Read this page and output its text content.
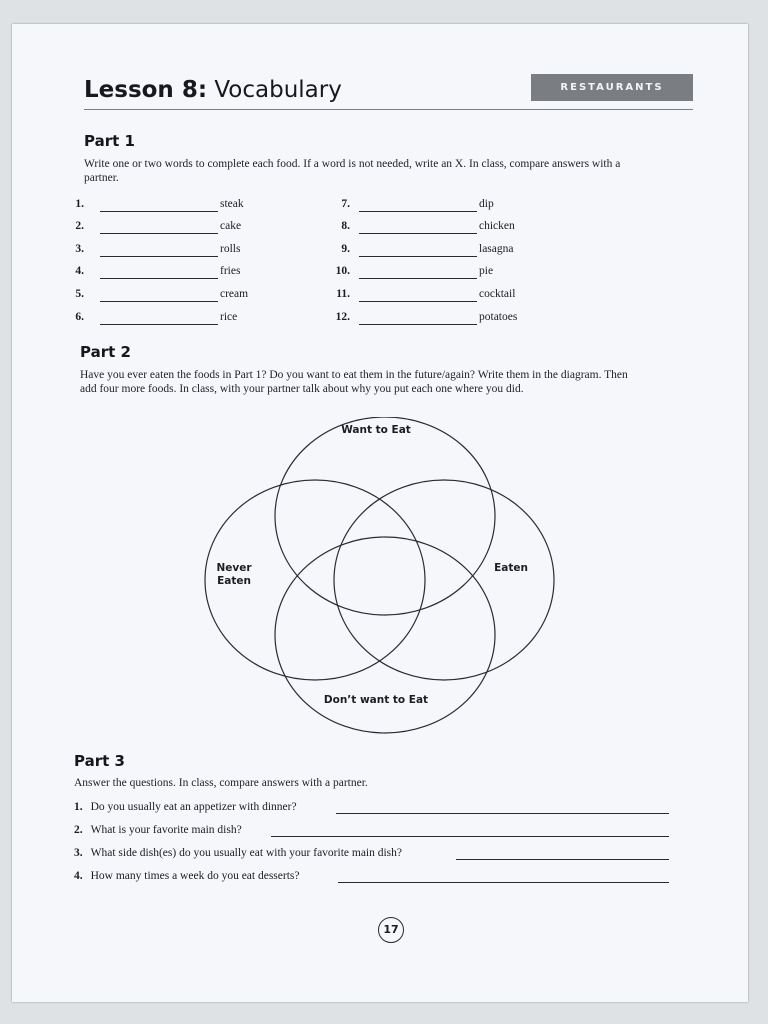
Lesson 8: Vocabulary	RESTAURANTS
Part 1
Write one or two words to complete each food. If a word is not needed, write an X. In class, compare answers with a partner.
1.	steak
2.	cake
3.	rolls
4.	fries
5.	cream
6.	rice
7.	dip
8.	chicken
9.	lasagna
10.	pie
11.	cocktail
12.	potatoes
Part 2
Have you ever eaten the foods in Part 1? Do you want to eat them in the future/again? Write them in the diagram. Then add four more foods. In class, with your partner talk about why you put each one where you did.
Want to Eat
Never
Eaten
Eaten
Don’t want to Eat
Part 3
Answer the questions. In class, compare answers with a partner.
1. Do you usually eat an appetizer with dinner?
2. What is your favorite main dish?
3. What side dish(es) do you usually eat with your favorite main dish?
4. How many times a week do you eat desserts?
17
